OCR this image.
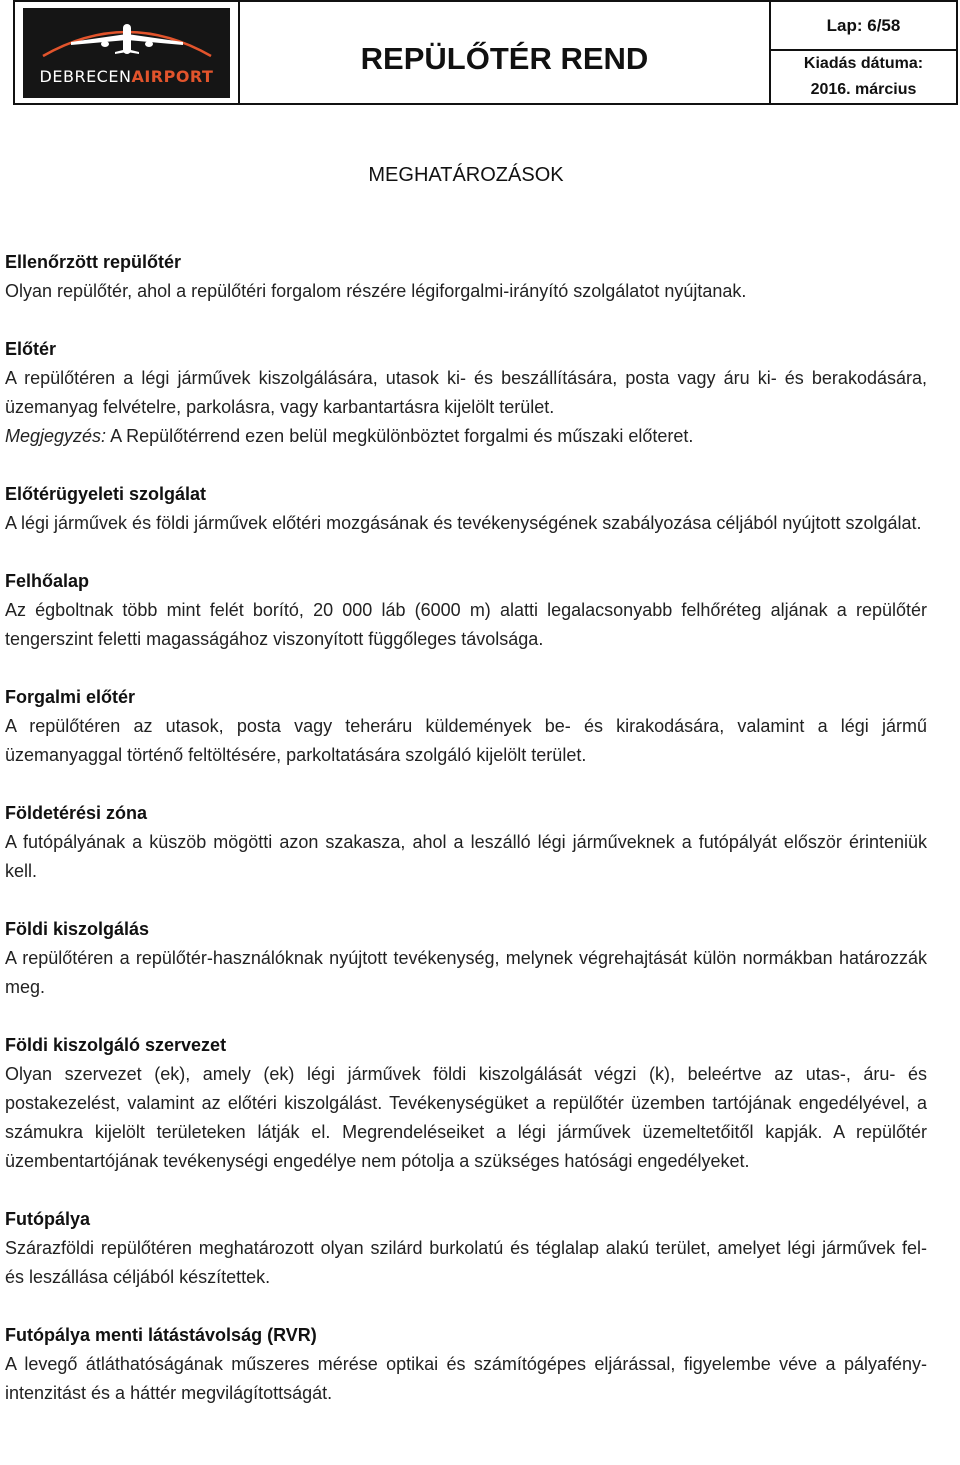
DEBRECENAIRPORT
REPÜLŐTÉR REND
Lap: 6/58
Kiadás dátuma:
2016. március
MEGHATÁROZÁSOK
Ellenőrzött repülőtér
Olyan repülőtér, ahol a repülőtéri forgalom részére légiforgalmi-irányító szolgálatot nyújtanak.
Előtér
A repülőtéren a légi járművek kiszolgálására, utasok ki- és beszállítására, posta vagy áru ki- és berakodására, üzemanyag felvételre, parkolásra, vagy karbantartásra kijelölt terület.
Megjegyzés: A Repülőtérrend ezen belül megkülönböztet forgalmi és műszaki előteret.
Előtérügyeleti szolgálat
A légi járművek és földi járművek előtéri mozgásának és tevékenységének szabályozása céljából nyújtott szolgálat.
Felhőalap
Az égboltnak több mint felét borító, 20 000 láb (6000 m) alatti legalacsonyabb felhőréteg aljának a repülőtér tengerszint feletti magasságához viszonyított függőleges távolsága.
Forgalmi előtér
A repülőtéren az utasok, posta vagy teheráru küldemények be- és kirakodására, valamint a légi jármű üzemanyaggal történő feltöltésére, parkoltatására szolgáló kijelölt terület.
Földetérési zóna
A futópályának a küszöb mögötti azon szakasza, ahol a leszálló légi járműveknek a futópályát először érinteniük kell.
Földi kiszolgálás
A repülőtéren a repülőtér-használóknak nyújtott tevékenység, melynek végrehajtását külön normákban határozzák meg.
Földi kiszolgáló szervezet
Olyan szervezet (ek), amely (ek) légi járművek földi kiszolgálását végzi (k), beleértve az utas-, áru- és postakezelést, valamint az előtéri kiszolgálást. Tevékenységüket a repülőtér üzemben tartójának engedélyével, a számukra kijelölt területeken látják el. Megrendeléseiket a légi járművek üzemeltetőitől kapják. A repülőtér üzembentartójának tevékenységi engedélye nem pótolja a szükséges hatósági engedélyeket.
Futópálya
Szárazföldi repülőtéren meghatározott olyan szilárd burkolatú és téglalap alakú terület, amelyet légi járművek fel- és leszállása céljából készítettek.
Futópálya menti látástávolság (RVR)
A levegő átláthatóságának műszeres mérése optikai és számítógépes eljárással, figyelembe véve a pályafény-intenzitást és a háttér megvilágítottságát.
